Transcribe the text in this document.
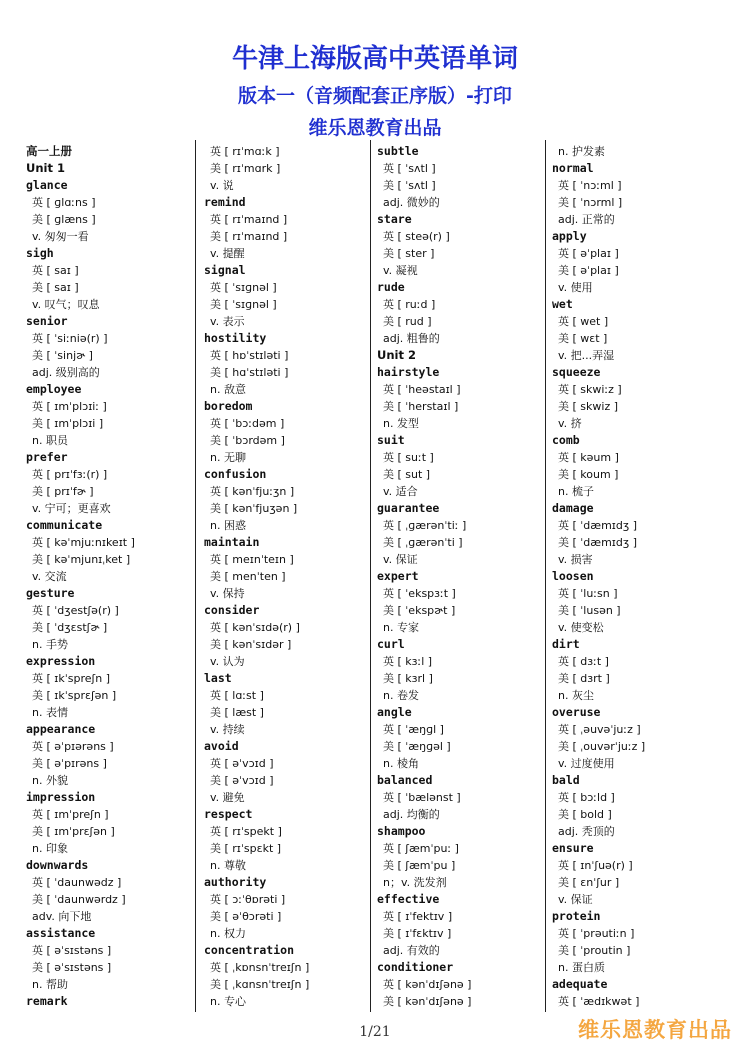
牛津上海版高中英语单词
版本一（音频配套正序版）-打印
维乐恩教育出品
高一上册
Unit 1
glance
英 [ ɡlɑːns ]
美 [ ɡlæns ]
v. 匆匆一看
sigh
英 [ saɪ ]
美 [ saɪ ]
v. 叹气；叹息
senior
英 [ ˈsiːniə(r) ]
美 [ ˈsinjɚ ]
adj. 级别高的
employee
英 [ ɪmˈplɔɪiː ]
美 [ ɪmˈplɔɪi ]
n. 职员
prefer
英 [ prɪˈfɜː(r) ]
美 [ prɪˈfɚ ]
v. 宁可；更喜欢
communicate
英 [ kəˈmjuːnɪkeɪt ]
美 [ kəˈmjunɪˌket ]
v. 交流
gesture
英 [ ˈdʒestʃə(r) ]
美 [ ˈdʒɛstʃɚ ]
n. 手势
expression
英 [ ɪkˈspreʃn ]
美 [ ɪkˈsprɛʃən ]
n. 表情
appearance
英 [ əˈpɪərəns ]
美 [ əˈpɪrəns ]
n. 外貌
impression
英 [ ɪmˈpreʃn ]
美 [ ɪmˈprɛʃən ]
n. 印象
downwards
英 [ ˈdaunwədz ]
美 [ ˈdaunwərdz ]
adv. 向下地
assistance
英 [ əˈsɪstəns ]
美 [ əˈsɪstəns ]
n. 帮助
remark
英 [ rɪˈmɑːk ]
美 [ rɪˈmɑrk ]
v. 说
remind
英 [ rɪˈmaɪnd ]
美 [ rɪˈmaɪnd ]
v. 提醒
signal
英 [ ˈsɪɡnəl ]
美 [ ˈsɪɡnəl ]
v. 表示
hostility
英 [ hɒˈstɪləti ]
美 [ hɑˈstɪləti ]
n. 敌意
boredom
英 [ ˈbɔːdəm ]
美 [ ˈbɔrdəm ]
n. 无聊
confusion
英 [ kənˈfjuːʒn ]
美 [ kənˈfjuʒən ]
n. 困惑
maintain
英 [ meɪnˈteɪn ]
美 [ menˈten ]
v. 保持
consider
英 [ kənˈsɪdə(r) ]
美 [ kənˈsɪdər ]
v. 认为
last
英 [ lɑːst ]
美 [ læst ]
v. 持续
avoid
英 [ əˈvɔɪd ]
美 [ əˈvɔɪd ]
v. 避免
respect
英 [ rɪˈspekt ]
美 [ rɪˈspɛkt ]
n. 尊敬
authority
英 [ ɔːˈθɒrəti ]
美 [ əˈθɔrəti ]
n. 权力
concentration
英 [ ˌkɒnsnˈtreɪʃn ]
美 [ ˌkɑnsnˈtreɪʃn ]
n. 专心
subtle
英 [ ˈsʌtl ]
美 [ ˈsʌtl ]
adj. 微妙的
stare
英 [ steə(r) ]
美 [ ster ]
v. 凝视
rude
英 [ ruːd ]
美 [ rud ]
adj. 粗鲁的
Unit 2
hairstyle
英 [ ˈheəstaɪl ]
美 [ ˈherstaɪl ]
n. 发型
suit
英 [ suːt ]
美 [ sut ]
v. 适合
guarantee
英 [ ˌɡærənˈtiː ]
美 [ ˌɡærənˈti ]
v. 保证
expert
英 [ ˈekspɜːt ]
美 [ ˈekspɚt ]
n. 专家
curl
英 [ kɜːl ]
美 [ kɜrl ]
n. 卷发
angle
英 [ ˈæŋɡl ]
美 [ ˈæŋɡəl ]
n. 棱角
balanced
英 [ ˈbælənst ]
adj. 均衡的
shampoo
英 [ ʃæmˈpuː ]
美 [ ʃæmˈpu ]
n；v. 洗发剂
effective
英 [ ɪˈfektɪv ]
美 [ ɪˈfɛktɪv ]
adj. 有效的
conditioner
英 [ kənˈdɪʃənə ]
美 [ kənˈdɪʃənə ]
n. 护发素
normal
英 [ ˈnɔːml ]
美 [ ˈnɔrml ]
adj. 正常的
apply
英 [ əˈplaɪ ]
美 [ əˈplaɪ ]
v. 使用
wet
英 [ wet ]
美 [ wɛt ]
v. 把...弄湿
squeeze
英 [ skwiːz ]
美 [ skwiz ]
v. 挤
comb
英 [ kəum ]
美 [ koum ]
n. 梳子
damage
英 [ ˈdæmɪdʒ ]
美 [ ˈdæmɪdʒ ]
v. 损害
loosen
英 [ ˈluːsn ]
美 [ ˈlusən ]
v. 使变松
dirt
英 [ dɜːt ]
美 [ dɜrt ]
n. 灰尘
overuse
英 [ ˌəuvəˈjuːz ]
美 [ ˌouvərˈjuːz ]
v. 过度使用
bald
英 [ bɔːld ]
美 [ bold ]
adj. 秃顶的
ensure
英 [ ɪnˈʃuə(r) ]
美 [ ɛnˈʃur ]
v. 保证
protein
英 [ ˈprəutiːn ]
美 [ ˈproutin ]
n. 蛋白质
adequate
英 [ ˈædɪkwət ]
1/21	维乐恩教育出品
